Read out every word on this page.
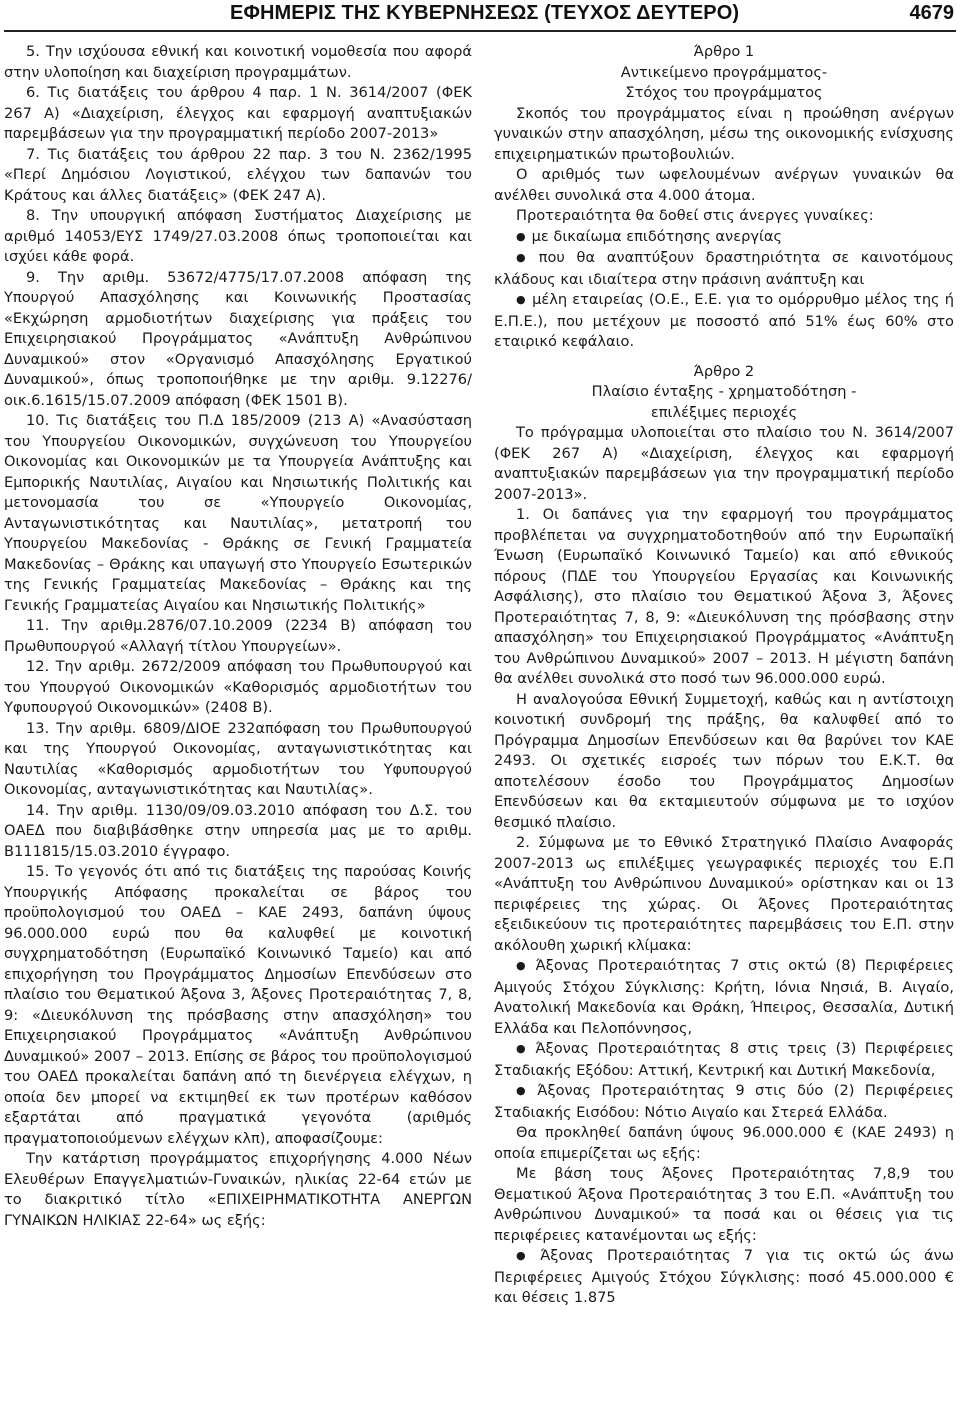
ΕΦΗΜΕΡΙΣ ΤΗΣ ΚΥΒΕΡΝΗΣΕΩΣ (ΤΕΥΧΟΣ ΔΕΥΤΕΡΟ)	4679

5. Την ισχύουσα εθνική και κοινοτική νομοθεσία που αφορά στην υλοποίηση και διαχείριση προγραμμάτων.

6. Τις διατάξεις του άρθρου 4 παρ. 1 Ν. 3614/2007 (ΦΕΚ 267 Α) «Διαχείριση, έλεγχος και εφαρμογή αναπτυξιακών παρεμβάσεων για την προγραμματική περίοδο 2007-2013»

7. Τις διατάξεις του άρθρου 22 παρ. 3 του Ν. 2362/1995 «Περί Δημόσιου Λογιστικού, ελέγχου των δαπανών του Κράτους και άλλες διατάξεις» (ΦΕΚ 247 Α).

8. Την υπουργική απόφαση Συστήματος Διαχείρισης με αριθμό 14053/ΕΥΣ 1749/27.03.2008 όπως τροποποιείται και ισχύει κάθε φορά.

9. Την αριθμ. 53672/4775/17.07.2008 απόφαση της Υπουργού Απασχόλησης και Κοινωνικής Προστασίας «Εκχώρηση αρμοδιοτήτων διαχείρισης για πράξεις του Επιχειρησιακού Προγράμματος «Ανάπτυξη Ανθρώπινου Δυναμικού» στον «Οργανισμό Απασχόλησης Εργατικού Δυναμικού», όπως τροποποιήθηκε με την αριθμ. 9.12276/οικ.6.1615/15.07.2009 απόφαση (ΦΕΚ 1501 Β).

10. Τις διατάξεις του Π.Δ 185/2009 (213 Α) «Ανασύσταση του Υπουργείου Οικονομικών, συγχώνευση του Υπουργείου Οικονομίας και Οικονομικών με τα Υπουργεία Ανάπτυξης και Εμπορικής Ναυτιλίας, Αιγαίου και Νησιωτικής Πολιτικής και μετονομασία του σε «Υπουργείο Οικονομίας, Ανταγωνιστικότητας και Ναυτιλίας», μετατροπή του Υπουργείου Μακεδονίας - Θράκης σε Γενική Γραμματεία Μακεδονίας – Θράκης και υπαγωγή στο Υπουργείο Εσωτερικών της Γενικής Γραμματείας Μακεδονίας – Θράκης και της Γενικής Γραμματείας Αιγαίου και Νησιωτικής Πολιτικής»

11. Την αριθμ.2876/07.10.2009 (2234 Β) απόφαση του Πρωθυπουργού «Αλλαγή τίτλου Υπουργείων».

12. Την αριθμ. 2672/2009 απόφαση του Πρωθυπουργού και του Υπουργού Οικονομικών «Καθορισμός αρμοδιοτήτων του Υφυπουργού Οικονομικών» (2408 Β).

13. Την αριθμ. 6809/ΔΙΟΕ 232απόφαση του Πρωθυπουργού και της Υπουργού Οικονομίας, ανταγωνιστικότητας και Ναυτιλίας «Καθορισμός αρμοδιοτήτων του Υφυπουργού Οικονομίας, ανταγωνιστικότητας και Ναυτιλίας».

14. Την αριθμ. 1130/09/09.03.2010 απόφαση του Δ.Σ. του ΟΑΕΔ που διαβιβάσθηκε στην υπηρεσία μας με το αριθμ. Β111815/15.03.2010 έγγραφο.

15. Το γεγονός ότι από τις διατάξεις της παρούσας Κοινής Υπουργικής Απόφασης προκαλείται σε βάρος του προϋπολογισμού του ΟΑΕΔ – ΚΑΕ 2493, δαπάνη ύψους 96.000.000 ευρώ που θα καλυφθεί με κοινοτική συγχρηματοδότηση (Ευρωπαϊκό Κοινωνικό Ταμείο) και από επιχορήγηση του Προγράμματος Δημοσίων Επενδύσεων στο πλαίσιο του Θεματικού Άξονα 3, Άξονες Προτεραιότητας 7, 8, 9: «Διευκόλυνση της πρόσβασης στην απασχόληση» του Επιχειρησιακού Προγράμματος «Ανάπτυξη Ανθρώπινου Δυναμικού» 2007 – 2013. Επίσης σε βάρος του προϋπολογισμού του ΟΑΕΔ προκαλείται δαπάνη από τη διενέργεια ελέγχων, η οποία δεν μπορεί να εκτιμηθεί εκ των προτέρων καθόσον εξαρτάται από πραγματικά γεγονότα (αριθμός πραγματοποιούμενων ελέγχων κλπ), αποφασίζουμε:

Την κατάρτιση προγράμματος επιχορήγησης 4.000 Νέων Ελευθέρων Επαγγελματιών-Γυναικών, ηλικίας 22-64 ετών με το διακριτικό τίτλο «ΕΠΙΧΕΙΡΗΜΑΤΙΚΟΤΗΤΑ ΑΝΕΡΓΩΝ ΓΥΝΑΙΚΩΝ ΗΛΙΚΙΑΣ 22-64» ως εξής:

Άρθρο 1

Αντικείμενο προγράμματος-

Στόχος του προγράμματος

Σκοπός του προγράμματος είναι η προώθηση ανέργων γυναικών στην απασχόληση, μέσω της οικονομικής ενίσχυσης επιχειρηματικών πρωτοβουλιών.

Ο αριθμός των ωφελουμένων ανέργων γυναικών θα ανέλθει συνολικά στα 4.000 άτομα.

Προτεραιότητα θα δοθεί στις άνεργες γυναίκες:

● με δικαίωμα επιδότησης ανεργίας

● που θα αναπτύξουν δραστηριότητα σε καινοτόμους κλάδους και ιδιαίτερα στην πράσινη ανάπτυξη και

● μέλη εταιρείας (Ο.Ε., Ε.Ε. για το ομόρρυθμο μέλος της ή Ε.Π.Ε.), που μετέχουν με ποσοστό από 51% έως 60% στο εταιρικό κεφάλαιο.

Άρθρο 2

Πλαίσιο ένταξης - χρηματοδότηση -

επιλέξιμες περιοχές

Το πρόγραμμα υλοποιείται στο πλαίσιο του Ν. 3614/2007 (ΦΕΚ 267 Α) «Διαχείριση, έλεγχος και εφαρμογή αναπτυξιακών παρεμβάσεων για την προγραμματική περίοδο 2007-2013».

1. Οι δαπάνες για την εφαρμογή του προγράμματος προβλέπεται να συγχρηματοδοτηθούν από την Ευρωπαϊκή Ένωση (Ευρωπαϊκό Κοινωνικό Ταμείο) και από εθνικούς πόρους (ΠΔΕ του Υπουργείου Εργασίας και Κοινωνικής Ασφάλισης), στο πλαίσιο του Θεματικού Άξονα 3, Άξονες Προτεραιότητας 7, 8, 9: «Διευκόλυνση της πρόσβασης στην απασχόληση» του Επιχειρησιακού Προγράμματος «Ανάπτυξη του Ανθρώπινου Δυναμικού» 2007 – 2013. Η μέγιστη δαπάνη θα ανέλθει συνολικά στο ποσό των 96.000.000 ευρώ.

Η αναλογούσα Εθνική Συμμετοχή, καθώς και η αντίστοιχη κοινοτική συνδρομή της πράξης, θα καλυφθεί από το Πρόγραμμα Δημοσίων Επενδύσεων και θα βαρύνει τον ΚΑΕ 2493. Οι σχετικές εισροές των πόρων του Ε.Κ.Τ. θα αποτελέσουν έσοδο του Προγράμματος Δημοσίων Επενδύσεων και θα εκταμιευτούν σύμφωνα με το ισχύον θεσμικό πλαίσιο.

2. Σύμφωνα με το Εθνικό Στρατηγικό Πλαίσιο Αναφοράς 2007-2013 ως επιλέξιμες γεωγραφικές περιοχές του Ε.Π «Ανάπτυξη του Ανθρώπινου Δυναμικού» ορίστηκαν και οι 13 περιφέρειες της χώρας. Οι Άξονες Προτεραιότητας εξειδικεύουν τις προτεραιότητες παρεμβάσεις του Ε.Π. στην ακόλουθη χωρική κλίμακα:

● Άξονας Προτεραιότητας 7 στις οκτώ (8) Περιφέρειες Αμιγούς Στόχου Σύγκλισης: Κρήτη, Ιόνια Νησιά, Β. Αιγαίο, Ανατολική Μακεδονία και Θράκη, Ήπειρος, Θεσσαλία, Δυτική Ελλάδα και Πελοπόννησος,

● Άξονας Προτεραιότητας 8 στις τρεις (3) Περιφέρειες Σταδιακής Εξόδου: Αττική, Κεντρική και Δυτική Μακεδονία,

● Άξονας Προτεραιότητας 9 στις δύο (2) Περιφέρειες Σταδιακής Εισόδου: Νότιο Αιγαίο και Στερεά Ελλάδα.

Θα προκληθεί δαπάνη ύψους 96.000.000 € (ΚΑΕ 2493) η οποία επιμερίζεται ως εξής:

Με βάση τους Άξονες Προτεραιότητας 7,8,9 του Θεματικού Άξονα Προτεραιότητας 3 του Ε.Π. «Ανάπτυξη του Ανθρώπινου Δυναμικού» τα ποσά και οι θέσεις για τις περιφέρειες κατανέμονται ως εξής:

● Άξονας Προτεραιότητας 7 για τις οκτώ ώς άνω Περιφέρειες Αμιγούς Στόχου Σύγκλισης: ποσό 45.000.000 € και θέσεις 1.875
